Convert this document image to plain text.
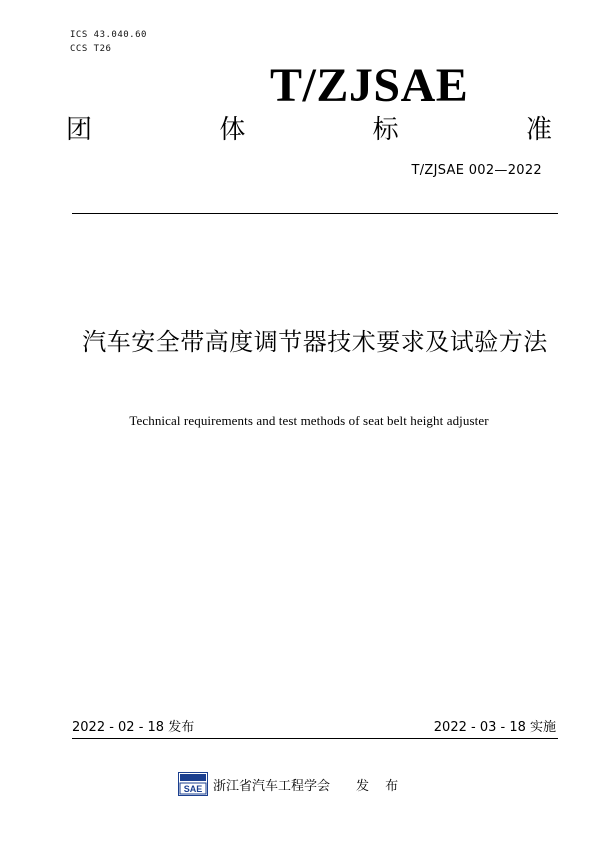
ICS 43.040.60
CCS T26
T/ZJSAE
团	体	标	准
T/ZJSAE 002—2022
汽车安全带高度调节器技术要求及试验方法
Technical requirements and test methods of seat belt height adjuster
2022 - 02 - 18 发布	2022 - 03 - 18 实施
SAE 浙江省汽车工程学会 发 布
